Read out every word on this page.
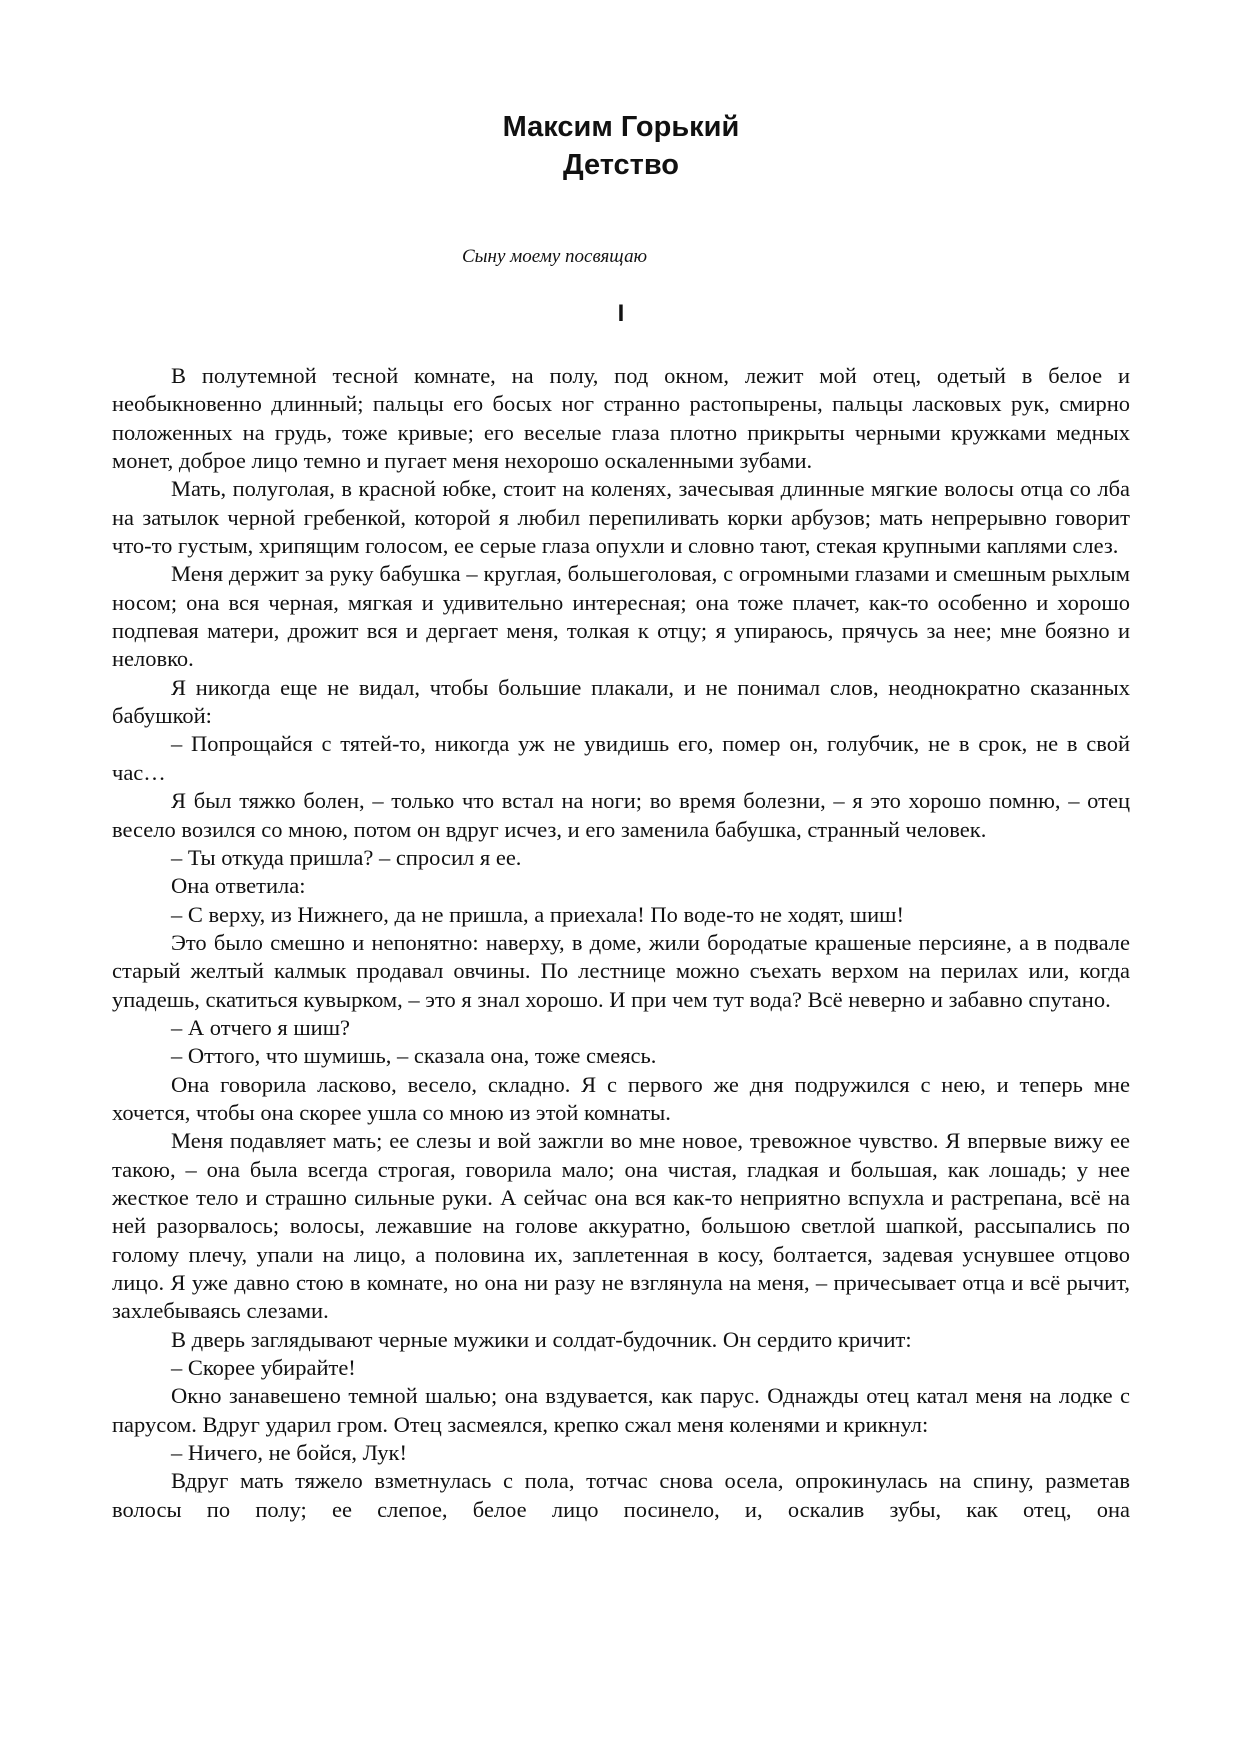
Максим Горький
Детство
Сыну моему посвящаю
I

В полутемной тесной комнате, на полу, под окном, лежит мой отец, одетый в белое и необыкновенно длинный; пальцы его босых ног странно растопырены, пальцы ласковых рук, смирно положенных на грудь, тоже кривые; его веселые глаза плотно прикрыты черными кружками медных монет, доброе лицо темно и пугает меня нехорошо оскаленными зубами.

Мать, полуголая, в красной юбке, стоит на коленях, зачесывая длинные мягкие волосы отца со лба на затылок черной гребенкой, которой я любил перепиливать корки арбузов; мать непрерывно говорит что-то густым, хрипящим голосом, ее серые глаза опухли и словно тают, стекая крупными каплями слез.

Меня держит за руку бабушка – круглая, большеголовая, с огромными глазами и смешным рыхлым носом; она вся черная, мягкая и удивительно интересная; она тоже плачет, как-то особенно и хорошо подпевая матери, дрожит вся и дергает меня, толкая к отцу; я упираюсь, прячусь за нее; мне боязно и неловко.

Я никогда еще не видал, чтобы большие плакали, и не понимал слов, неоднократно сказанных бабушкой:

– Попрощайся с тятей-то, никогда уж не увидишь его, помер он, голубчик, не в срок, не в свой час…

Я был тяжко болен, – только что встал на ноги; во время болезни, – я это хорошо помню, – отец весело возился со мною, потом он вдруг исчез, и его заменила бабушка, странный человек.

– Ты откуда пришла? – спросил я ее.

Она ответила:

– С верху, из Нижнего, да не пришла, а приехала! По воде-то не ходят, шиш!

Это было смешно и непонятно: наверху, в доме, жили бородатые крашеные персияне, а в подвале старый желтый калмык продавал овчины. По лестнице можно съехать верхом на перилах или, когда упадешь, скатиться кувырком, – это я знал хорошо. И при чем тут вода? Всё неверно и забавно спутано.

– А отчего я шиш?

– Оттого, что шумишь, – сказала она, тоже смеясь.

Она говорила ласково, весело, складно. Я с первого же дня подружился с нею, и теперь мне хочется, чтобы она скорее ушла со мною из этой комнаты.

Меня подавляет мать; ее слезы и вой зажгли во мне новое, тревожное чувство. Я впервые вижу ее такою, – она была всегда строгая, говорила мало; она чистая, гладкая и большая, как лошадь; у нее жесткое тело и страшно сильные руки. А сейчас она вся как-то неприятно вспухла и растрепана, всё на ней разорвалось; волосы, лежавшие на голове аккуратно, большою светлой шапкой, рассыпались по голому плечу, упали на лицо, а половина их, заплетенная в косу, болтается, задевая уснувшее отцово лицо. Я уже давно стою в комнате, но она ни разу не взглянула на меня, – причесывает отца и всё рычит, захлебываясь слезами.

В дверь заглядывают черные мужики и солдат-будочник. Он сердито кричит:

– Скорее убирайте!

Окно занавешено темной шалью; она вздувается, как парус. Однажды отец катал меня на лодке с парусом. Вдруг ударил гром. Отец засмеялся, крепко сжал меня коленями и крикнул:

– Ничего, не бойся, Лук!

Вдруг мать тяжело взметнулась с пола, тотчас снова осела, опрокинулась на спину, разметав волосы по полу; ее слепое, белое лицо посинело, и, оскалив зубы, как отец, она
